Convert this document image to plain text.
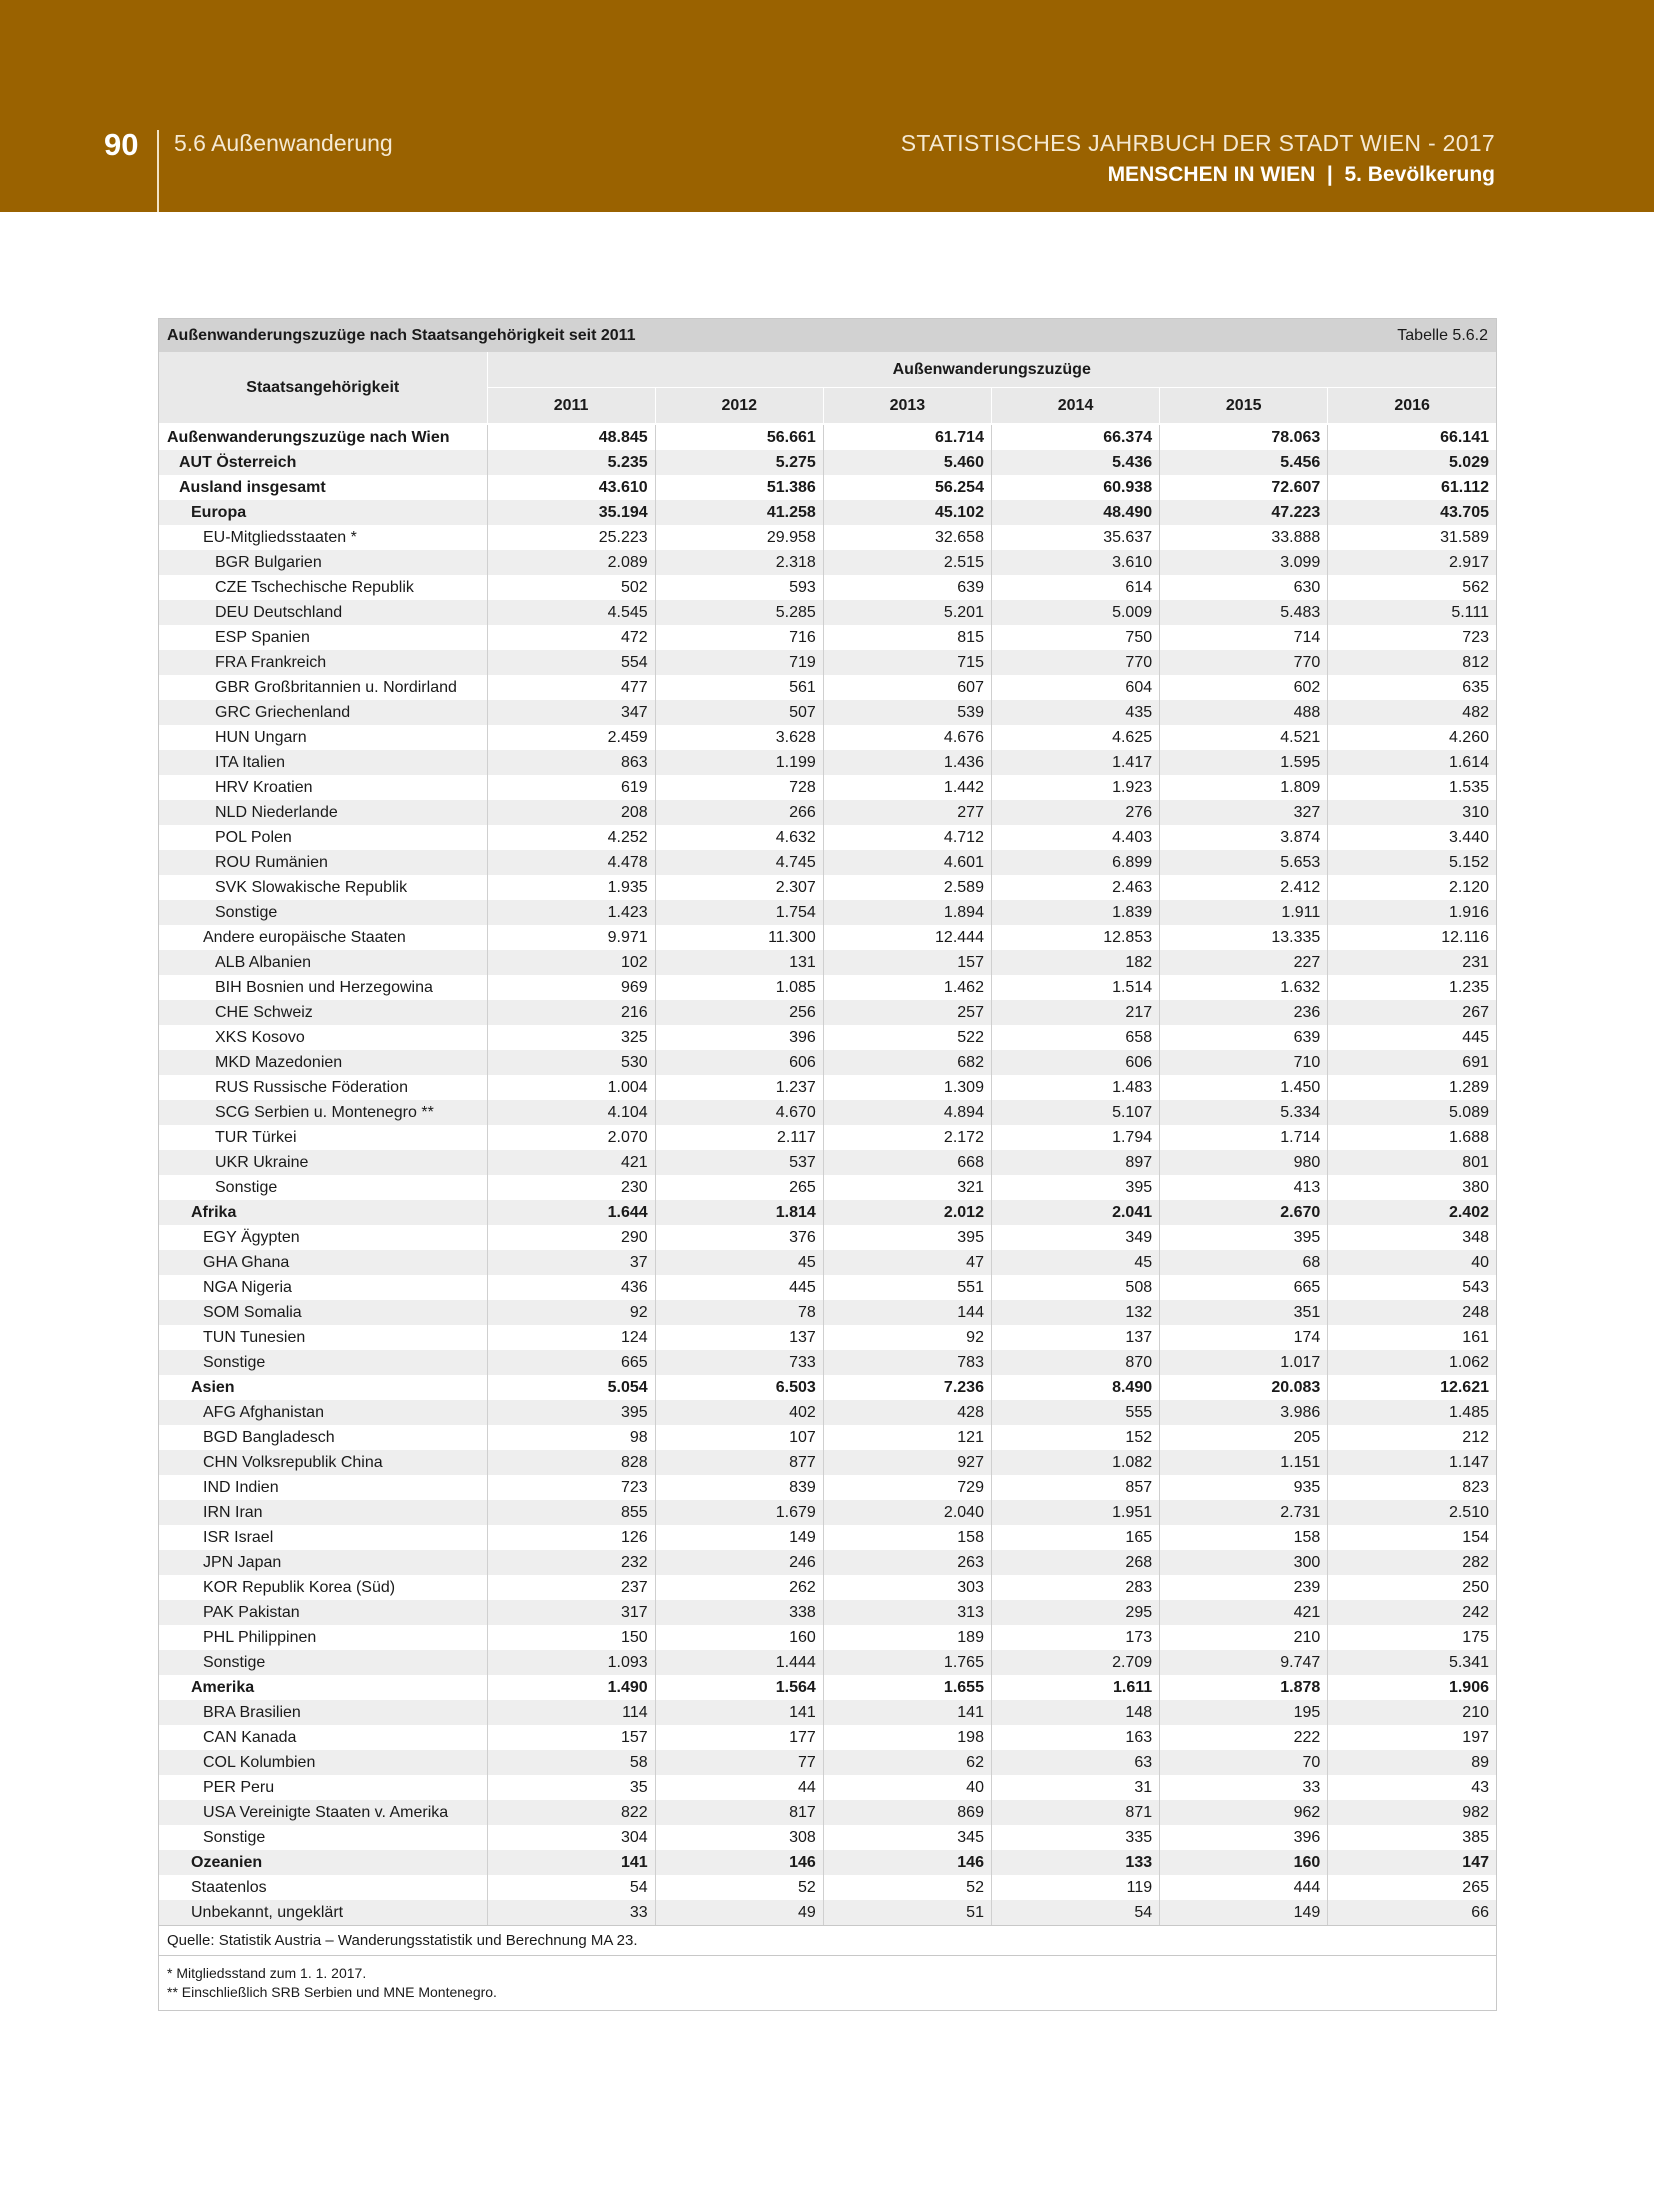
90 5.6 Außenwanderung	STATISTISCHES JAHRBUCH DER STADT WIEN - 2017
MENSCHEN IN WIEN  |  5. Bevölkerung
Außenwanderungszuzüge nach Staatsangehörigkeit seit 2011	Tabelle 5.6.2
Staatsangehörigkeit	Außenwanderungszuzüge					
	2011	2012	2013	2014	2015	2016
Außenwanderungszuzüge nach Wien	48.845	56.661	61.714	66.374	78.063	66.141
AUT Österreich	5.235	5.275	5.460	5.436	5.456	5.029
Ausland insgesamt	43.610	51.386	56.254	60.938	72.607	61.112
Europa	35.194	41.258	45.102	48.490	47.223	43.705
EU-Mitgliedsstaaten *	25.223	29.958	32.658	35.637	33.888	31.589
BGR Bulgarien	2.089	2.318	2.515	3.610	3.099	2.917
CZE Tschechische Republik	502	593	639	614	630	562
DEU Deutschland	4.545	5.285	5.201	5.009	5.483	5.111
ESP Spanien	472	716	815	750	714	723
FRA Frankreich	554	719	715	770	770	812
GBR Großbritannien u. Nordirland	477	561	607	604	602	635
GRC Griechenland	347	507	539	435	488	482
HUN Ungarn	2.459	3.628	4.676	4.625	4.521	4.260
ITA Italien	863	1.199	1.436	1.417	1.595	1.614
HRV Kroatien	619	728	1.442	1.923	1.809	1.535
NLD Niederlande	208	266	277	276	327	310
POL Polen	4.252	4.632	4.712	4.403	3.874	3.440
ROU Rumänien	4.478	4.745	4.601	6.899	5.653	5.152
SVK Slowakische Republik	1.935	2.307	2.589	2.463	2.412	2.120
Sonstige	1.423	1.754	1.894	1.839	1.911	1.916
Andere europäische Staaten	9.971	11.300	12.444	12.853	13.335	12.116
ALB Albanien	102	131	157	182	227	231
BIH Bosnien und Herzegowina	969	1.085	1.462	1.514	1.632	1.235
CHE Schweiz	216	256	257	217	236	267
XKS Kosovo	325	396	522	658	639	445
MKD Mazedonien	530	606	682	606	710	691
RUS Russische Föderation	1.004	1.237	1.309	1.483	1.450	1.289
SCG Serbien u. Montenegro **	4.104	4.670	4.894	5.107	5.334	5.089
TUR Türkei	2.070	2.117	2.172	1.794	1.714	1.688
UKR Ukraine	421	537	668	897	980	801
Sonstige	230	265	321	395	413	380
Afrika	1.644	1.814	2.012	2.041	2.670	2.402
EGY Ägypten	290	376	395	349	395	348
GHA Ghana	37	45	47	45	68	40
NGA Nigeria	436	445	551	508	665	543
SOM Somalia	92	78	144	132	351	248
TUN Tunesien	124	137	92	137	174	161
Sonstige	665	733	783	870	1.017	1.062
Asien	5.054	6.503	7.236	8.490	20.083	12.621
AFG Afghanistan	395	402	428	555	3.986	1.485
BGD Bangladesch	98	107	121	152	205	212
CHN Volksrepublik China	828	877	927	1.082	1.151	1.147
IND Indien	723	839	729	857	935	823
IRN Iran	855	1.679	2.040	1.951	2.731	2.510
ISR Israel	126	149	158	165	158	154
JPN Japan	232	246	263	268	300	282
KOR Republik Korea (Süd)	237	262	303	283	239	250
PAK Pakistan	317	338	313	295	421	242
PHL Philippinen	150	160	189	173	210	175
Sonstige	1.093	1.444	1.765	2.709	9.747	5.341
Amerika	1.490	1.564	1.655	1.611	1.878	1.906
BRA Brasilien	114	141	141	148	195	210
CAN Kanada	157	177	198	163	222	197
COL Kolumbien	58	77	62	63	70	89
PER Peru	35	44	40	31	33	43
USA Vereinigte Staaten v. Amerika	822	817	869	871	962	982
Sonstige	304	308	345	335	396	385
Ozeanien	141	146	146	133	160	147
Staatenlos	54	52	52	119	444	265
Unbekannt, ungeklärt	33	49	51	54	149	66
Quelle: Statistik Austria – Wanderungsstatistik und Berechnung MA 23.
* Mitgliedsstand zum 1. 1. 2017.
** Einschließlich SRB Serbien und MNE Montenegro.
